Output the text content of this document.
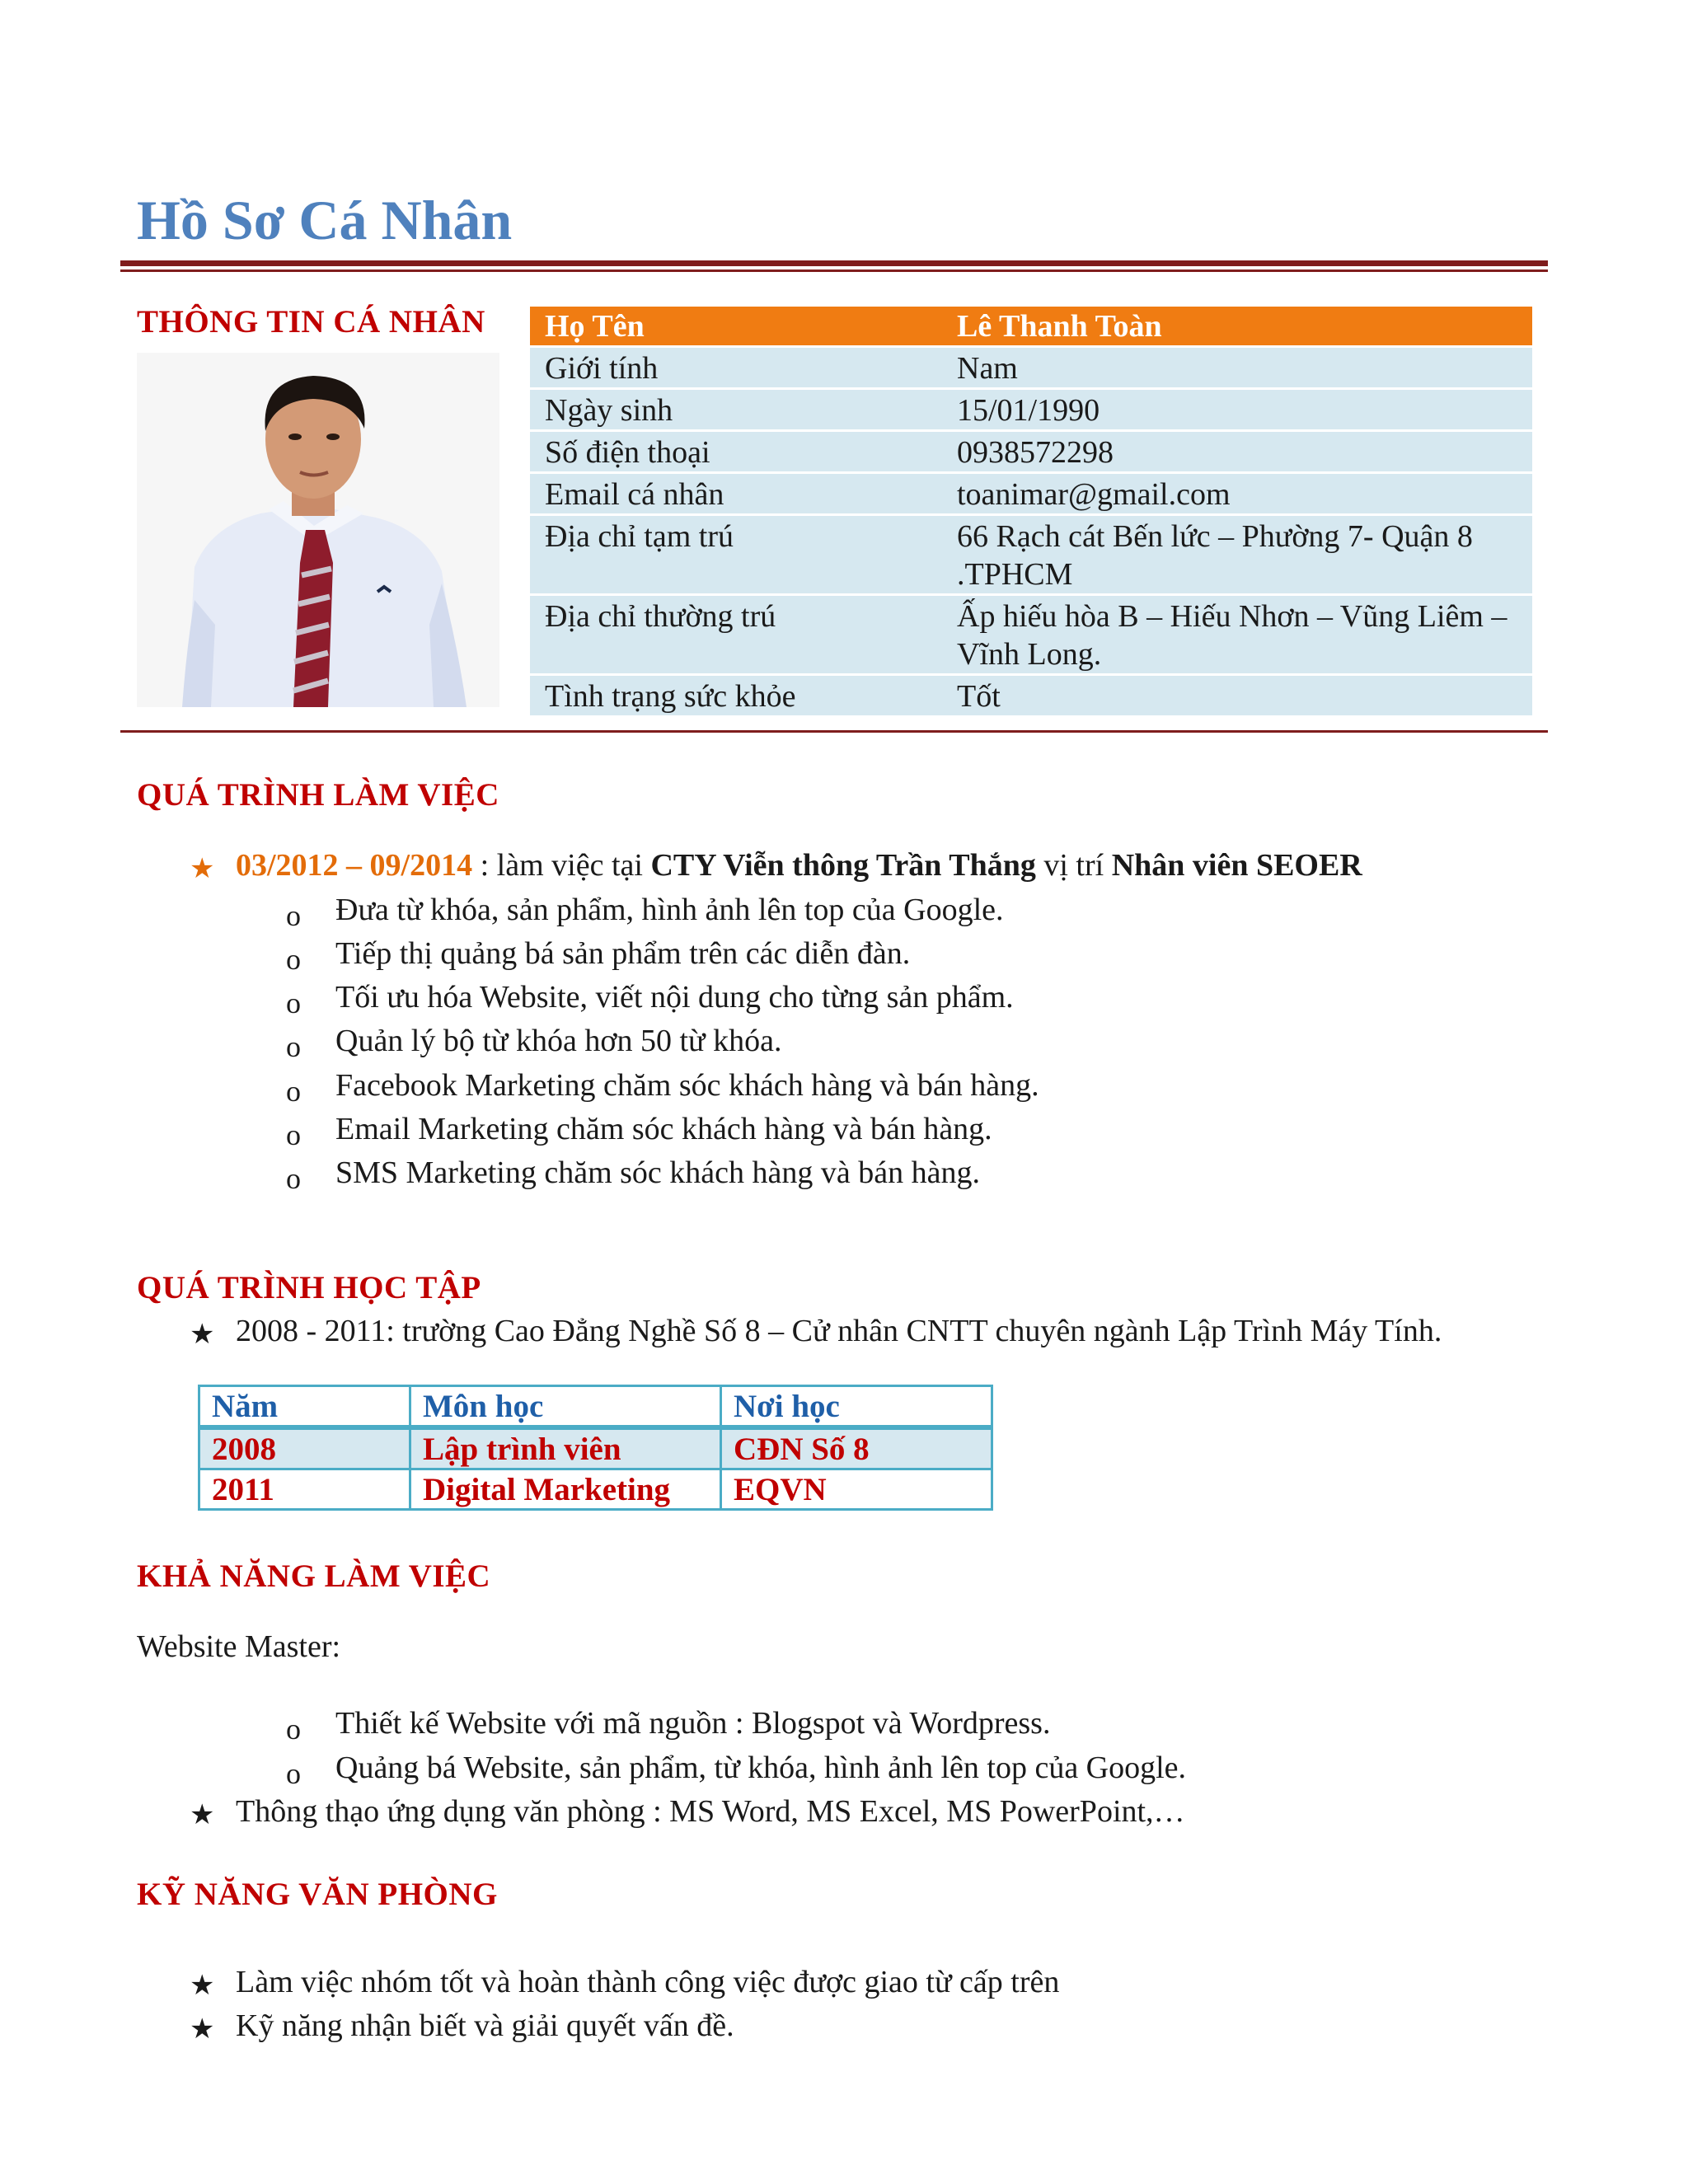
Hồ Sơ Cá Nhân
THÔNG TIN CÁ NHÂN	Họ Tên	Lê Thanh Toàn
Giới tính	Nam
Ngày sinh	15/01/1990
Số điện thoại	0938572298
Email cá nhân	toanimar@gmail.com
Địa chỉ tạm trú	66 Rạch cát Bến lức – Phường 7- Quận 8 .TPHCM
Địa chỉ thường trú	Ấp hiếu hòa B – Hiếu Nhơn – Vũng Liêm – Vĩnh Long.
Tình trạng sức khỏe	Tốt
QUÁ TRÌNH LÀM VIỆC
★ 03/2012 – 09/2014 : làm việc tại CTY Viễn thông Trần Thắng vị trí Nhân viên SEOER
o Đưa từ khóa, sản phẩm, hình ảnh lên top của Google.
o Tiếp thị quảng bá sản phẩm trên các diễn đàn.
o Tối ưu hóa Website, viết nội dung cho từng sản phẩm.
o Quản lý bộ từ khóa hơn 50 từ khóa.
o Facebook Marketing chăm sóc khách hàng và bán hàng.
o Email Marketing chăm sóc khách hàng và bán hàng.
o SMS Marketing chăm sóc khách hàng và bán hàng.
QUÁ TRÌNH HỌC TẬP
★ 2008 - 2011: trường Cao Đẳng Nghề Số 8 – Cử nhân CNTT chuyên ngành Lập Trình Máy Tính.
Năm	Môn học	Nơi học
2008	Lập trình viên	CĐN Số 8
2011	Digital Marketing	EQVN
KHẢ NĂNG LÀM VIỆC
Website Master:
o Thiết kế Website với mã nguồn : Blogspot và Wordpress.
o Quảng bá Website, sản phẩm, từ khóa, hình ảnh lên top của Google.
★ Thông thạo ứng dụng văn phòng : MS Word, MS Excel, MS PowerPoint,…
KỸ NĂNG VĂN PHÒNG
★ Làm việc nhóm tốt và hoàn thành công việc được giao từ cấp trên
★ Kỹ năng nhận biết và giải quyết vấn đề.
